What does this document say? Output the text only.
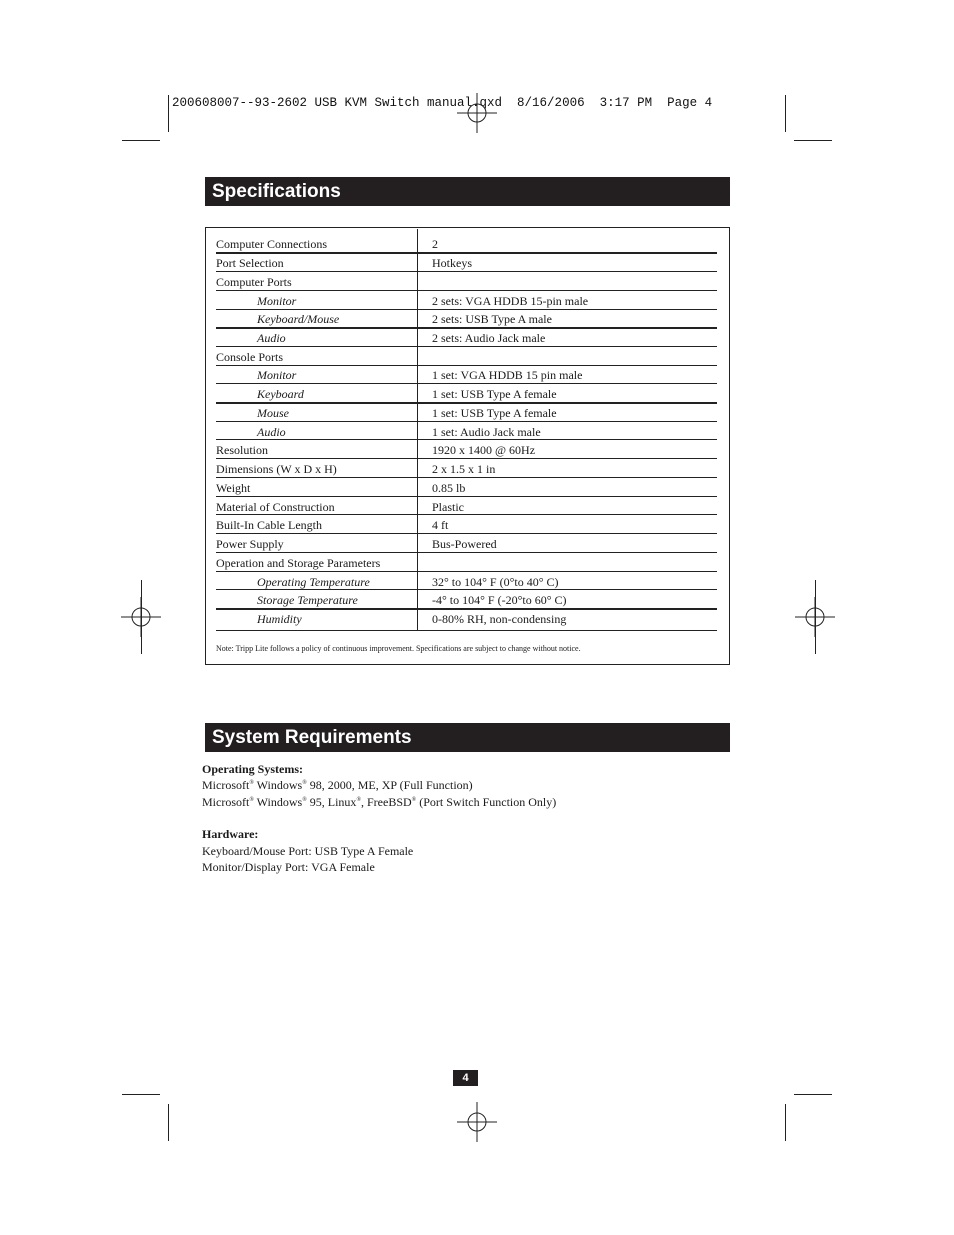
200608007--93-2602 USB KVM Switch manual.qxd  8/16/2006  3:17 PM  Page 4
Specifications
Computer Connections	2
Port Selection	Hotkeys
Computer Ports
Monitor	2 sets: VGA HDDB 15-pin male
Keyboard/Mouse	2 sets: USB Type A male
Audio	2 sets: Audio Jack male
Console Ports
Monitor	1 set: VGA HDDB 15 pin male
Keyboard	1 set: USB Type A female
Mouse	1 set: USB Type A female
Audio	1 set: Audio Jack male
Resolution	1920 x 1400 @ 60Hz
Dimensions (W x D x H)	2 x 1.5 x 1 in
Weight	0.85 lb
Material of Construction	Plastic
Built-In Cable Length	4 ft
Power Supply	Bus-Powered
Operation and Storage Parameters
Operating Temperature	32° to 104° F (0°to 40° C)
Storage Temperature	-4° to 104° F (-20°to 60° C)
Humidity	0-80% RH, non-condensing
Note: Tripp Lite follows a policy of continuous improvement. Specifications are subject to change without notice.
System Requirements
Operating Systems:
Microsoft® Windows® 98, 2000, ME, XP (Full Function)
Microsoft® Windows® 95, Linux®, FreeBSD® (Port Switch Function Only)
Hardware:
Keyboard/Mouse Port: USB Type A Female
Monitor/Display Port: VGA Female
4
